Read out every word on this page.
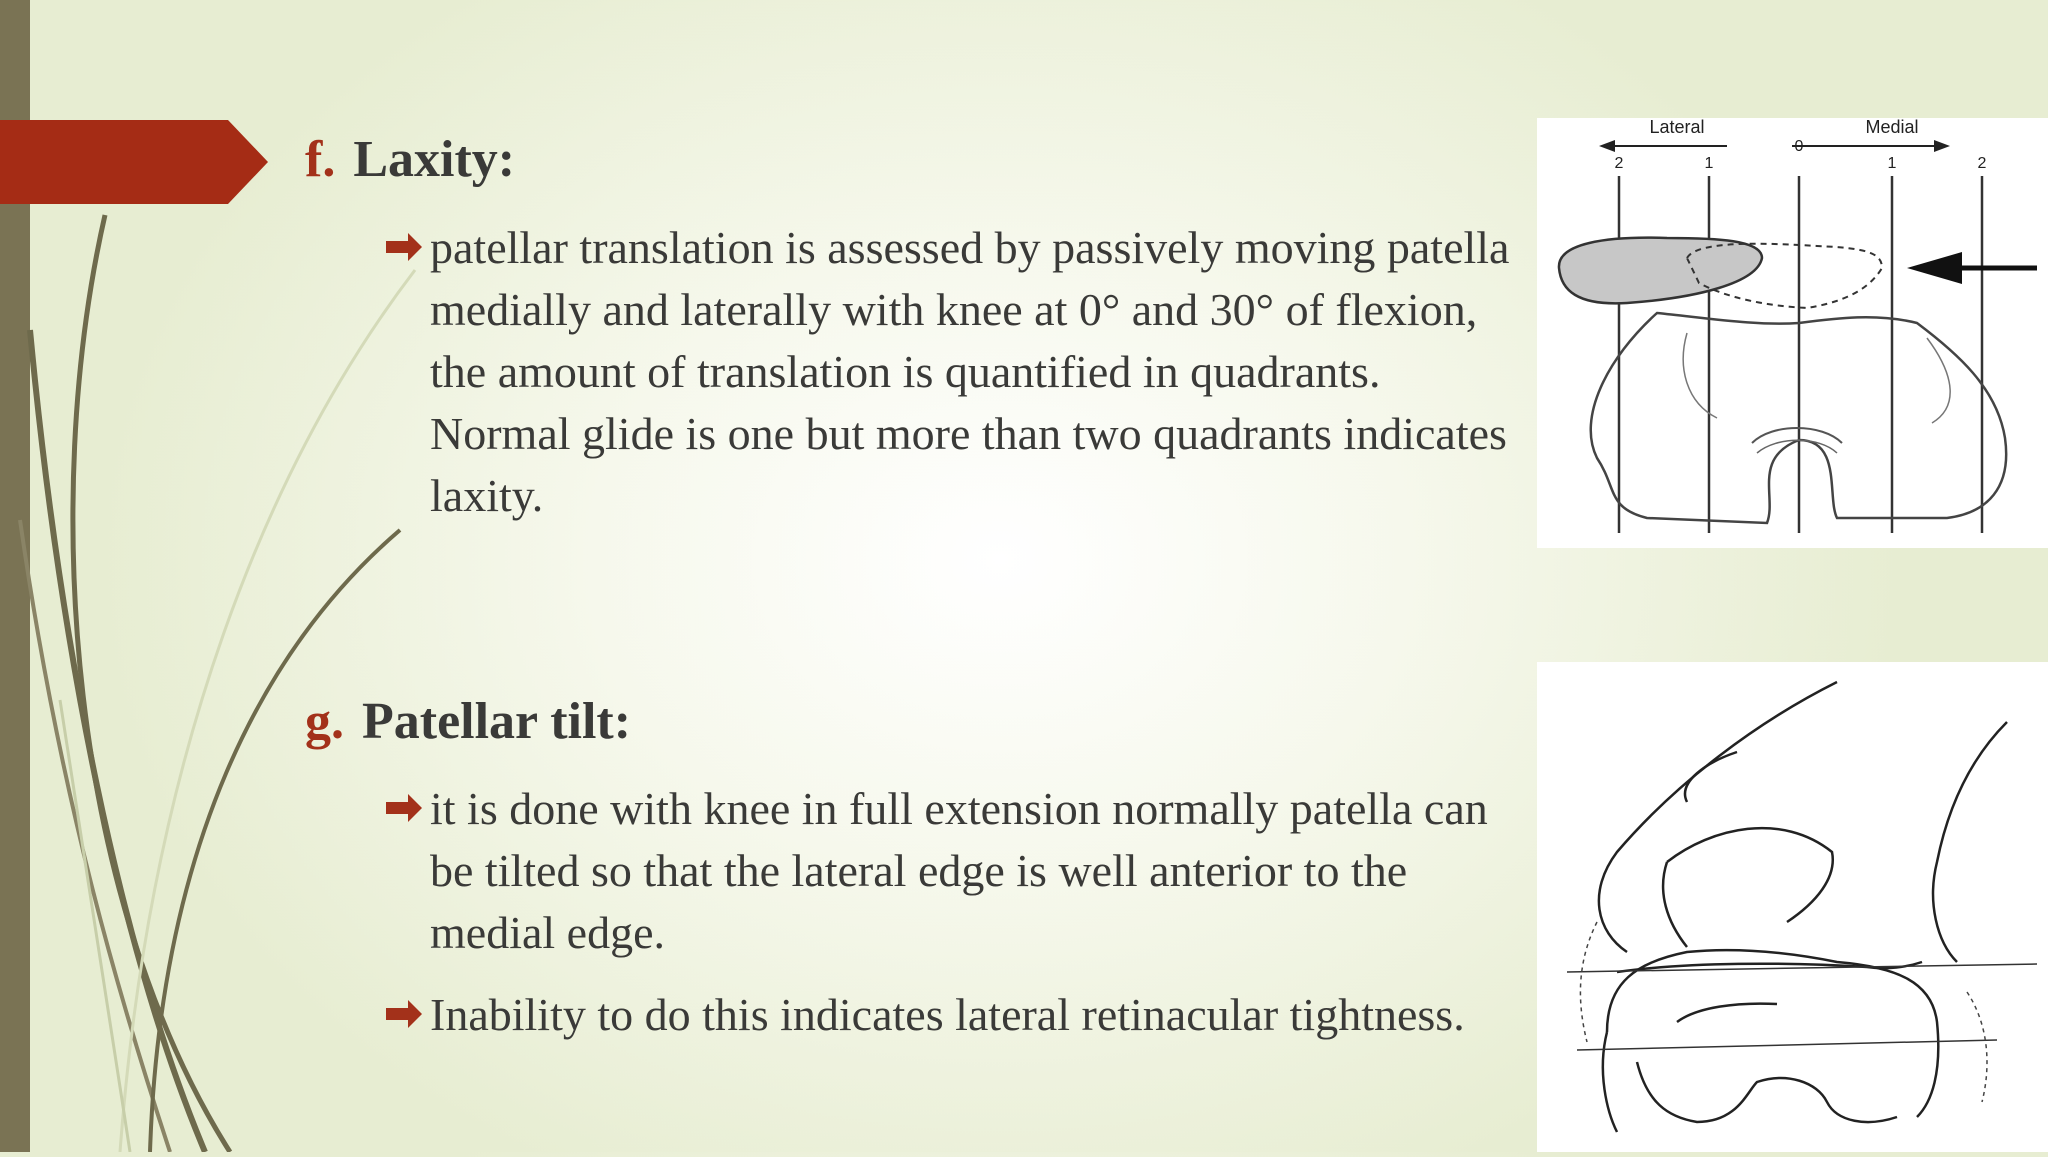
f. Laxity:
patellar translation is assessed by passively moving patella medially and laterally with knee at 0° and 30° of flexion, the amount of translation is quantified in quadrants. Normal glide is one but more than two quadrants indicates laxity.
g. Patellar tilt:
it is done with knee in full extension normally patella can be tilted so that the lateral edge is well anterior to the medial edge.
Inability to do this indicates lateral retinacular tightness.
Lateral	Medial
2	1
0
1	2
